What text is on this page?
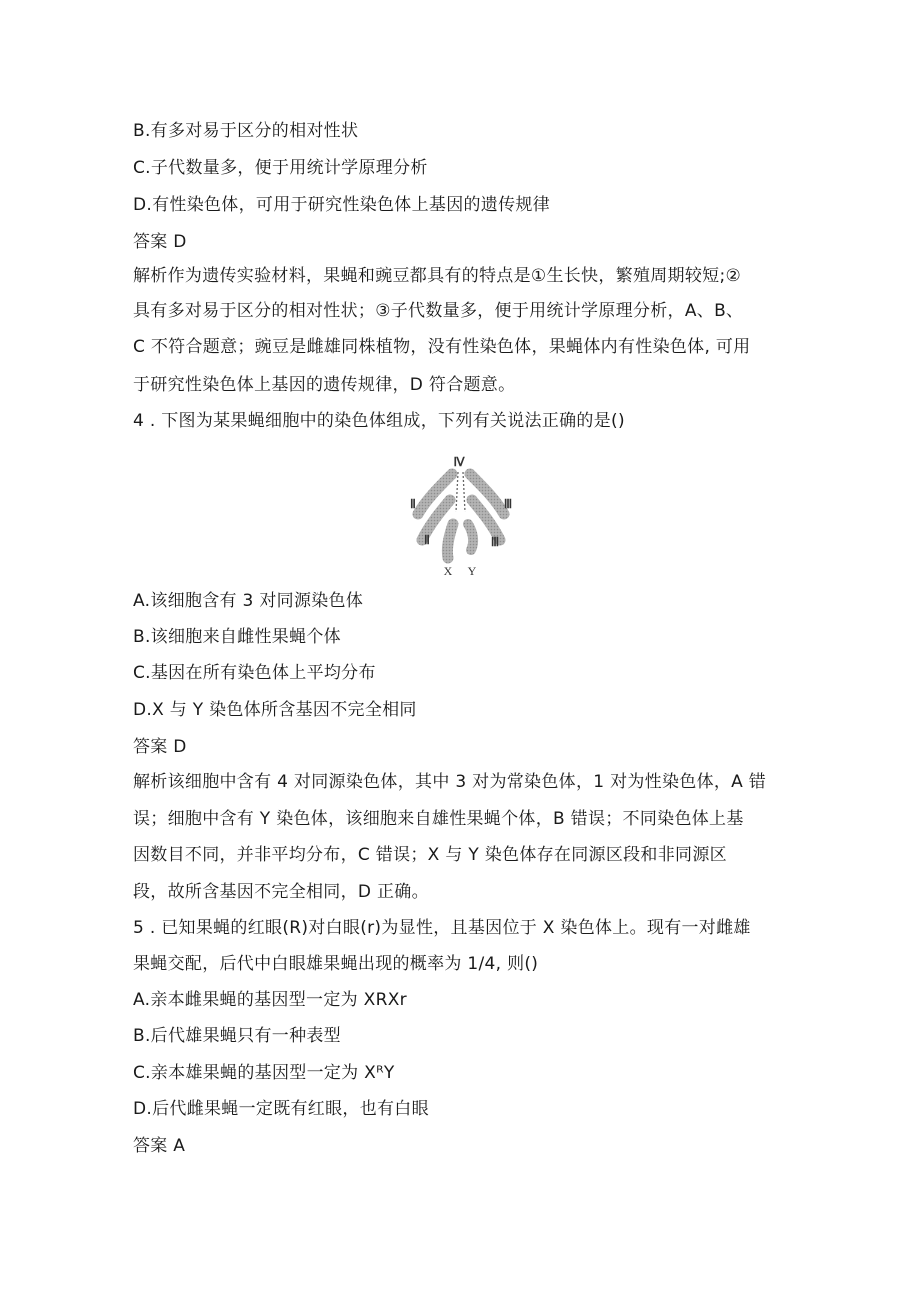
B.有多对易于区分的相对性状
C.子代数量多，便于用统计学原理分析
D.有性染色体，可用于研究性染色体上基因的遗传规律
答案 D
解析作为遗传实验材料，果蝇和豌豆都具有的特点是①生长快，繁殖周期较短;②
具有多对易于区分的相对性状；③子代数量多，便于用统计学原理分析，A、B、
C 不符合题意；豌豆是雌雄同株植物，没有性染色体，果蝇体内有性染色体, 可用
于研究性染色体上基因的遗传规律，D 符合题意。
4 . 下图为某果蝇细胞中的染色体组成，下列有关说法正确的是()
Ⅳ
Ⅱ	Ⅲ
Ⅱ	Ⅲ
X Y
A.该细胞含有 3 对同源染色体
B.该细胞来自雌性果蝇个体
C.基因在所有染色体上平均分布
D.X 与 Y 染色体所含基因不完全相同
答案 D
解析该细胞中含有 4 对同源染色体，其中 3 对为常染色体，1 对为性染色体，A 错
误；细胞中含有 Y 染色体，该细胞来自雄性果蝇个体，B 错误；不同染色体上基
因数目不同，并非平均分布，C 错误；X 与 Y 染色体存在同源区段和非同源区
段，故所含基因不完全相同，D 正确。
5 . 已知果蝇的红眼(R)对白眼(r)为显性，且基因位于 X 染色体上。现有一对雌雄
果蝇交配，后代中白眼雄果蝇出现的概率为 1/4, 则()
A.亲本雌果蝇的基因型一定为 XRXr
B.后代雄果蝇只有一种表型
C.亲本雄果蝇的基因型一定为 XᴿY
D.后代雌果蝇一定既有红眼，也有白眼
答案 A
